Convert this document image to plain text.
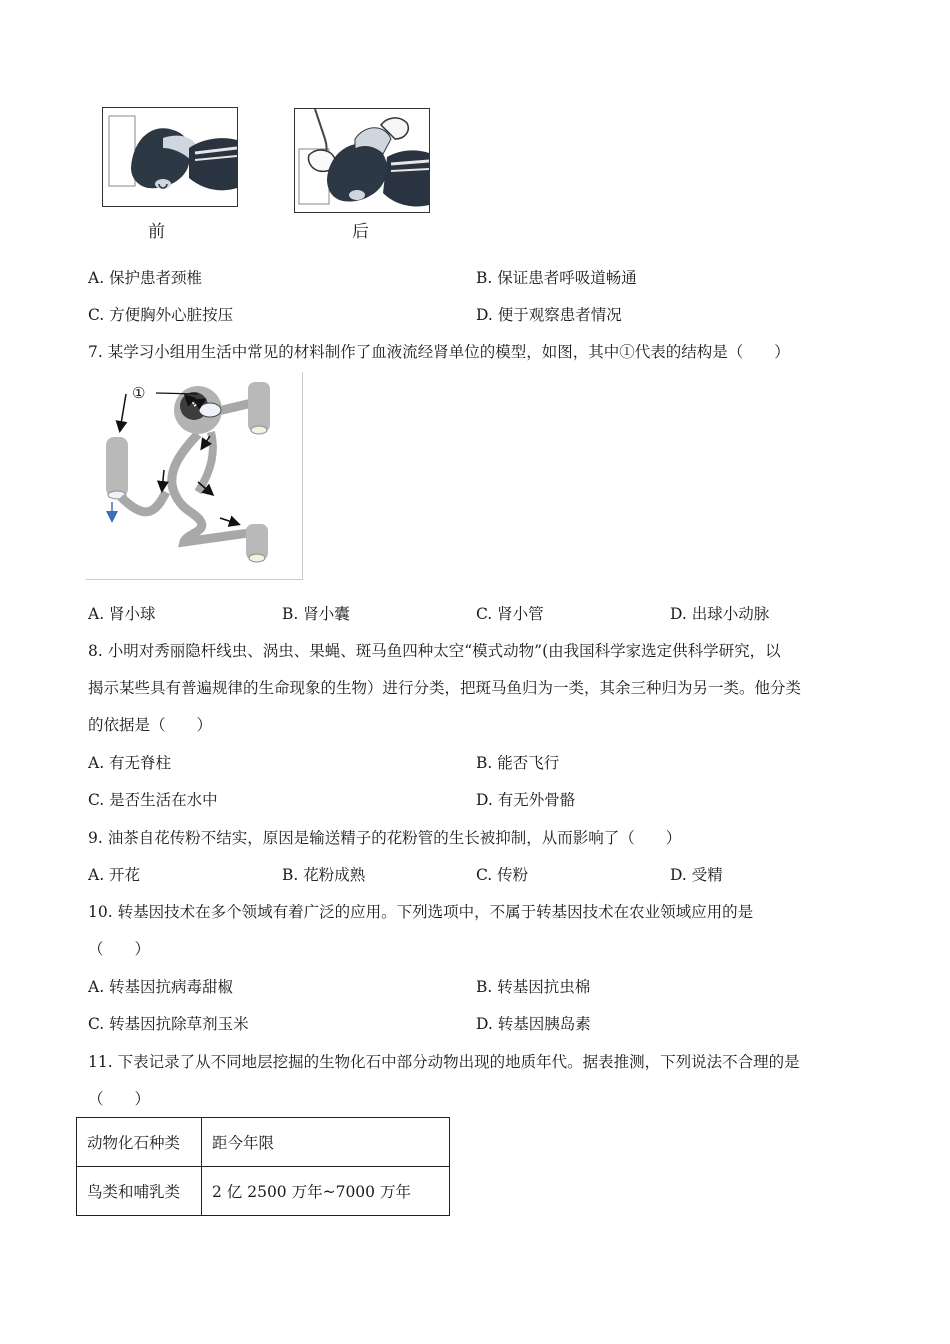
前	后
A. 保护患者颈椎	B. 保证患者呼吸道畅通
C. 方便胸外心脏按压	D. 便于观察患者情况
7. 某学习小组用生活中常见的材料制作了血液流经肾单位的模型，如图，其中①代表的结构是（　　）
①
A. 肾小球	B. 肾小囊	C. 肾小管	D. 出球小动脉
8. 小明对秀丽隐杆线虫、涡虫、果蝇、斑马鱼四种太空“模式动物”(由我国科学家选定供科学研究，以
揭示某些具有普遍规律的生命现象的生物）进行分类，把斑马鱼归为一类，其余三种归为另一类。他分类
的依据是（　　）
A. 有无脊柱	B. 能否飞行
C. 是否生活在水中	D. 有无外骨骼
9. 油茶自花传粉不结实，原因是输送精子的花粉管的生长被抑制，从而影响了（　　）
A. 开花	B. 花粉成熟	C. 传粉	D. 受精
10. 转基因技术在多个领域有着广泛的应用。下列选项中，不属于转基因技术在农业领域应用的是
（　　）
A. 转基因抗病毒甜椒	B. 转基因抗虫棉
C. 转基因抗除草剂玉米	D. 转基因胰岛素
11. 下表记录了从不同地层挖掘的生物化石中部分动物出现的地质年代。据表推测，下列说法不合理的是
（　　）
动物化石种类	距今年限
鸟类和哺乳类	2 亿 2500 万年~7000 万年
